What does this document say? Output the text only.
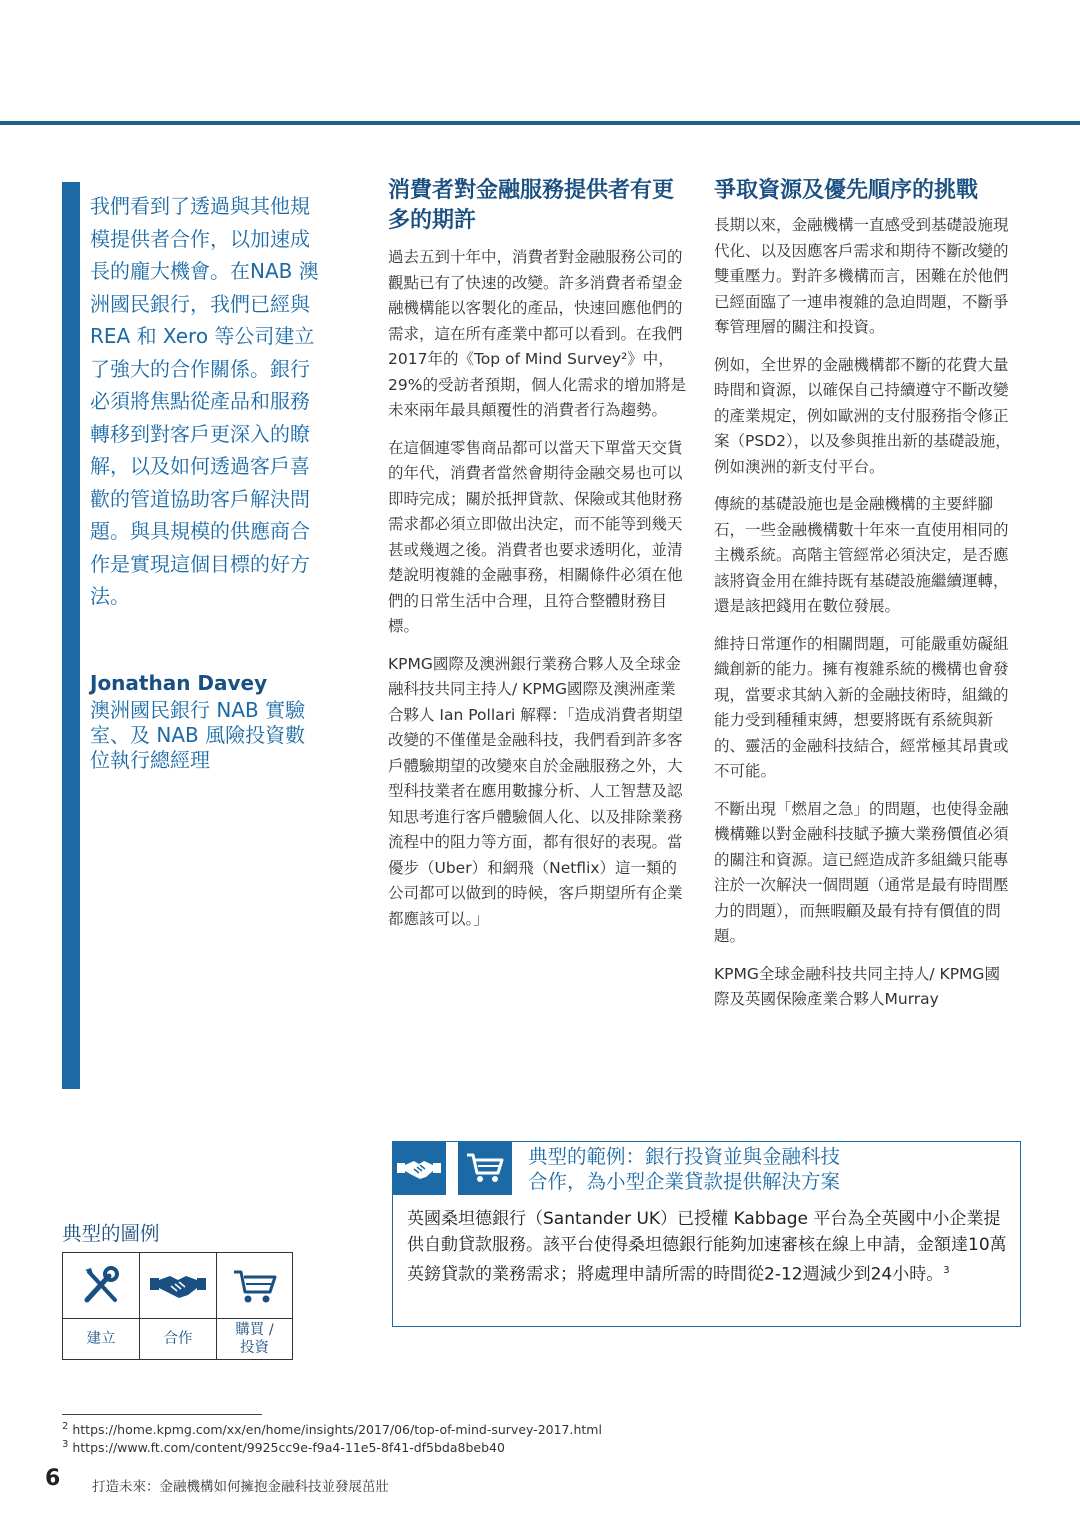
我們看到了透過與其他規模提供者合作，以加速成長的龐大機會。在NAB 澳洲國民銀行，我們已經與 REA 和 Xero 等公司建立了強大的合作關係。銀行必須將焦點從產品和服務轉移到對客戶更深入的瞭解，以及如何透過客戶喜歡的管道協助客戶解決問題。與具規模的供應商合作是實現這個目標的好方法。

Jonathan Davey
澳洲國民銀行 NAB 實驗室、及 NAB 風險投資數位執行總經理
消費者對金融服務提供者有更多的期許

過去五到十年中，消費者對金融服務公司的觀點已有了快速的改變。許多消費者希望金融機構能以客製化的產品，快速回應他們的需求，這在所有產業中都可以看到。在我們2017年的《Top of Mind Survey²》中，29%的受訪者預期，個人化需求的增加將是未來兩年最具顛覆性的消費者行為趨勢。

在這個連零售商品都可以當天下單當天交貨的年代，消費者當然會期待金融交易也可以即時完成；關於抵押貸款、保險或其他財務需求都必須立即做出決定，而不能等到幾天甚或幾週之後。消費者也要求透明化，並清楚說明複雜的金融事務，相關條件必須在他們的日常生活中合理，且符合整體財務目標。

KPMG國際及澳洲銀行業務合夥人及全球金融科技共同主持人/ KPMG國際及澳洲產業合夥人 Ian Pollari 解釋：「造成消費者期望改變的不僅僅是金融科技，我們看到許多客戶體驗期望的改變來自於金融服務之外，大型科技業者在應用數據分析、人工智慧及認知思考進行客戶體驗個人化、以及排除業務流程中的阻力等方面，都有很好的表現。當優步（Uber）和網飛（Netflix）這一類的公司都可以做到的時候，客戶期望所有企業都應該可以。」

爭取資源及優先順序的挑戰

長期以來，金融機構一直感受到基礎設施現代化、以及因應客戶需求和期待不斷改變的雙重壓力。對許多機構而言，困難在於他們已經面臨了一連串複雜的急迫問題，不斷爭奪管理層的關注和投資。

例如，全世界的金融機構都不斷的花費大量時間和資源，以確保自己持續遵守不斷改變的產業規定，例如歐洲的支付服務指令修正案（PSD2），以及參與推出新的基礎設施，例如澳洲的新支付平台。

傳統的基礎設施也是金融機構的主要絆腳石，一些金融機構數十年來一直使用相同的主機系統。高階主管經常必須決定，是否應該將資金用在維持既有基礎設施繼續運轉，還是該把錢用在數位發展。

維持日常運作的相關問題，可能嚴重妨礙組織創新的能力。擁有複雜系統的機構也會發現，當要求其納入新的金融技術時，組織的能力受到種種束縛，想要將既有系統與新的、靈活的金融科技結合，經常極其昂貴或不可能。

不斷出現「燃眉之急」的問題，也使得金融機構難以對金融科技賦予擴大業務價值必須的關注和資源。這已經造成許多組織只能專注於一次解決一個問題（通常是最有時間壓力的問題），而無暇顧及最有持有價值的問題。

KPMG全球金融科技共同主持人/ KPMG國際及英國保險產業合夥人Murray

典型的範例：銀行投資並與金融科技
合作，為小型企業貸款提供解決方案
英國桑坦德銀行（Santander UK）已授權 Kabbage 平台為全英國中小企業提供自動貸款服務。該平台使得桑坦德銀行能夠加速審核在線上申請，金額達10萬英鎊貸款的業務需求；將處理申請所需的時間從2-12週減少到24小時。$^3$
典型的圖例
建立	合作
購買 /
投資
$^2$ https://home.kpmg.com/xx/en/home/insights/2017/06/top-of-mind-survey-2017.html
$^3$ https://www.ft.com/content/9925cc9e-f9a4-11e5-8f41-df5bda8beb40
6 打造未來：金融機構如何擁抱金融科技並發展茁壯
